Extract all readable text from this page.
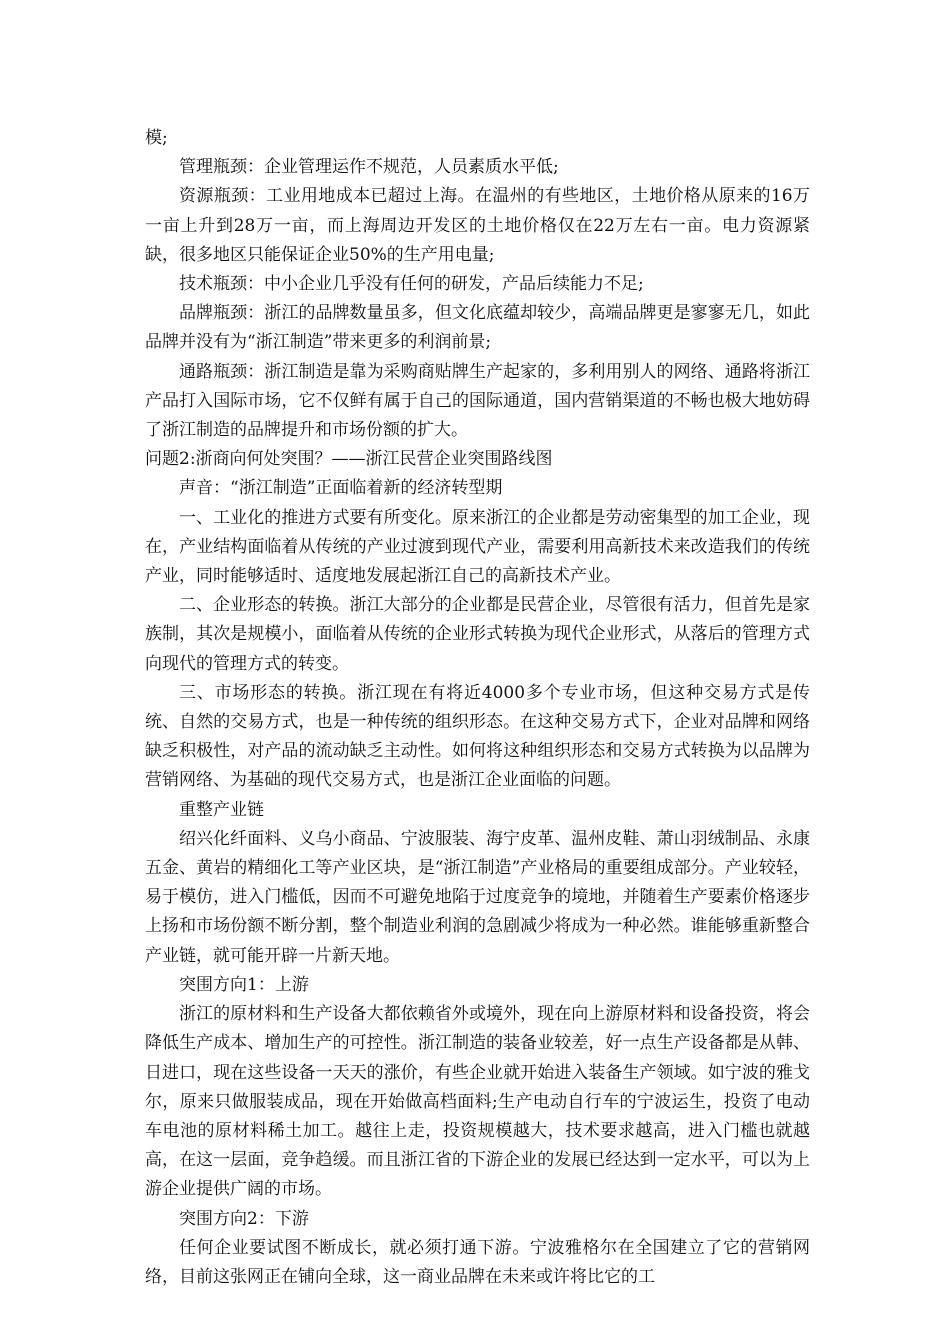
模;

管理瓶颈：企业管理运作不规范，人员素质水平低;

资源瓶颈：工业用地成本已超过上海。在温州的有些地区，土地价格从原来的16万一亩上升到28万一亩，而上海周边开发区的土地价格仅在22万左右一亩。电力资源紧缺，很多地区只能保证企业50%的生产用电量;

技术瓶颈：中小企业几乎没有任何的研发，产品后续能力不足;

品牌瓶颈：浙江的品牌数量虽多，但文化底蕴却较少，高端品牌更是寥寥无几，如此品牌并没有为“浙江制造”带来更多的利润前景;

通路瓶颈：浙江制造是靠为采购商贴牌生产起家的，多利用别人的网络、通路将浙江产品打入国际市场，它不仅鲜有属于自己的国际通道，国内营销渠道的不畅也极大地妨碍了浙江制造的品牌提升和市场份额的扩大。

问题2:浙商向何处突围？——浙江民营企业突围路线图

声音：“浙江制造”正面临着新的经济转型期

一、工业化的推进方式要有所变化。原来浙江的企业都是劳动密集型的加工企业，现在，产业结构面临着从传统的产业过渡到现代产业，需要利用高新技术来改造我们的传统产业，同时能够适时、适度地发展起浙江自己的高新技术产业。

二、企业形态的转换。浙江大部分的企业都是民营企业，尽管很有活力，但首先是家族制，其次是规模小，面临着从传统的企业形式转换为现代企业形式，从落后的管理方式向现代的管理方式的转变。

三、市场形态的转换。浙江现在有将近4000多个专业市场，但这种交易方式是传统、自然的交易方式，也是一种传统的组织形态。在这种交易方式下，企业对品牌和网络缺乏积极性，对产品的流动缺乏主动性。如何将这种组织形态和交易方式转换为以品牌为营销网络、为基础的现代交易方式，也是浙江企业面临的问题。

重整产业链

绍兴化纤面料、义乌小商品、宁波服装、海宁皮革、温州皮鞋、萧山羽绒制品、永康五金、黄岩的精细化工等产业区块，是“浙江制造”产业格局的重要组成部分。产业较轻，易于模仿，进入门槛低，因而不可避免地陷于过度竞争的境地，并随着生产要素价格逐步上扬和市场份额不断分割，整个制造业利润的急剧减少将成为一种必然。谁能够重新整合产业链，就可能开辟一片新天地。

突围方向1：上游

浙江的原材料和生产设备大都依赖省外或境外，现在向上游原材料和设备投资，将会降低生产成本、增加生产的可控性。浙江制造的装备业较差，好一点生产设备都是从韩、日进口，现在这些设备一天天的涨价，有些企业就开始进入装备生产领域。如宁波的雅戈尔，原来只做服装成品，现在开始做高档面料;生产电动自行车的宁波运生，投资了电动车电池的原材料稀土加工。越往上走，投资规模越大，技术要求越高，进入门槛也就越高，在这一层面，竞争趋缓。而且浙江省的下游企业的发展已经达到一定水平，可以为上游企业提供广阔的市场。

突围方向2：下游

任何企业要试图不断成长，就必须打通下游。宁波雅格尔在全国建立了它的营销网络，目前这张网正在铺向全球，这一商业品牌在未来或许将比它的工
